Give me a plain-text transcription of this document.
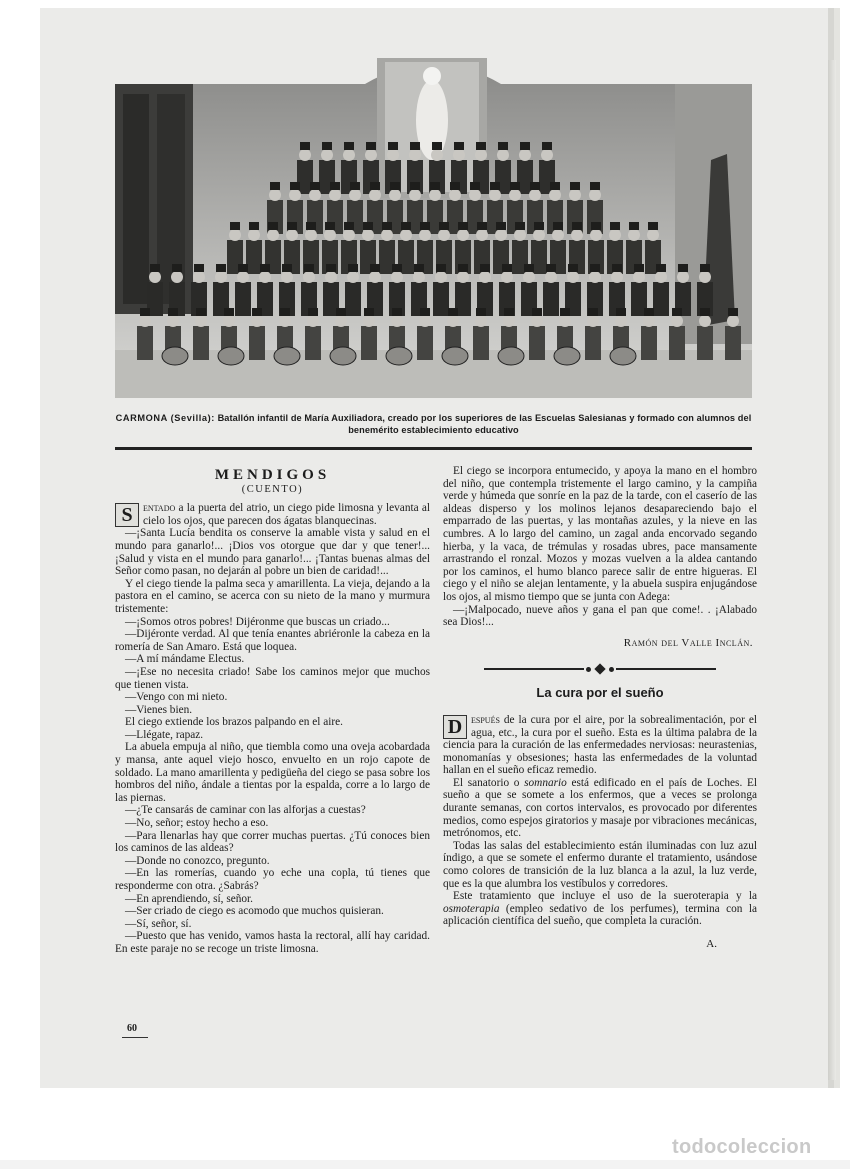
CARMONA (Sevilla): Batallón infantil de María Auxiliadora, creado por los superiores de las Escuelas Salesianas y formado con alumnos del benemérito establecimiento educativo
MENDIGOS
(CUENTO)

S entado a la puerta del atrio, un ciego pide limosna y levanta al cielo los ojos, que parecen dos ágatas blanquecinas.

—¡Santa Lucía bendita os conserve la amable vista y salud en el mundo para ganarlo!... ¡Dios vos otorgue que dar y que tener!... ¡Salud y vista en el mundo para ganarlo!... ¡Tantas buenas almas del Señor como pasan, no dejarán al pobre un bien de caridad!...

Y el ciego tiende la palma seca y amarillenta. La vieja, dejando a la pastora en el camino, se acerca con su nieto de la mano y murmura tristemente:

—¡Somos otros pobres! Dijéronme que buscas un criado...

—Dijéronte verdad. Al que tenía enantes abriéronle la cabeza en la romería de San Amaro. Está que loquea.

—A mí mándame Electus.

—¡Ese no necesita criado! Sabe los caminos mejor que muchos que tienen vista.

—Vengo con mi nieto.

—Vienes bien.

El ciego extiende los brazos palpando en el aire.

—Llégate, rapaz.

La abuela empuja al niño, que tiembla como una oveja acobardada y mansa, ante aquel viejo hosco, envuelto en un rojo capote de soldado. La mano amarillenta y pedigüeña del ciego se pasa sobre los hombros del niño, ándale a tientas por la espalda, corre a lo largo de las piernas.

—¿Te cansarás de caminar con las alforjas a cuestas?

—No, señor; estoy hecho a eso.

—Para llenarlas hay que correr muchas puertas. ¿Tú conoces bien los caminos de las aldeas?

—Donde no conozco, pregunto.

—En las romerías, cuando yo eche una copla, tú tienes que responderme con otra. ¿Sabrás?

—En aprendiendo, sí, señor.

—Ser criado de ciego es acomodo que muchos quisieran.

—Sí, señor, sí.

—Puesto que has venido, vamos hasta la rectoral, allí hay caridad. En este paraje no se recoge un triste limosna.

El ciego se incorpora entumecido, y apoya la mano en el hombro del niño, que contempla tristemente el largo camino, y la campiña verde y húmeda que sonríe en la paz de la tarde, con el caserío de las aldeas disperso y los molinos lejanos desapareciendo bajo el emparrado de las puertas, y las montañas azules, y la nieve en las cumbres. A lo largo del camino, un zagal anda encorvado segando hierba, y la vaca, de trémulas y rosadas ubres, pace mansamente arrastrando el ronzal. Mozos y mozas vuelven a la aldea cantando por los caminos, el humo blanco parece salir de entre higueras. El ciego y el niño se alejan lentamente, y la abuela suspira enjugándose los ojos, al mismo tiempo que se junta con Adega:

—¡Malpocado, nueve años y gana el pan que come!. . ¡Alabado sea Dios!...

Ramón del Valle Inclán.
La cura por el sueño

D espués de la cura por el aire, por la sobrealimentación, por el agua, etc., la cura por el sueño. Esta es la última palabra de la ciencia para la curación de las enfermedades nerviosas: neurastenias, monomanías y obsesiones; hasta las enfermedades de la voluntad hallan en el sueño eficaz remedio.

El sanatorio o somnario está edificado en el país de Loches. El sueño a que se somete a los enfermos, que a veces se prolonga durante semanas, con cortos intervalos, es provocado por diferentes medios, como espejos giratorios y masaje por vibraciones mecánicas, metrónomos, etc.

Todas las salas del establecimiento están iluminadas con luz azul índigo, a que se somete el enfermo durante el tratamiento, usándose como colores de transición de la luz blanca a la azul, la luz verde, que es la que alumbra los vestíbulos y corredores.

Este tratamiento que incluye el uso de la sueroterapia y la osmoterapia (empleo sedativo de los perfumes), termina con la aplicación científica del sueño, que completa la curación.

A.
60
todocoleccion
